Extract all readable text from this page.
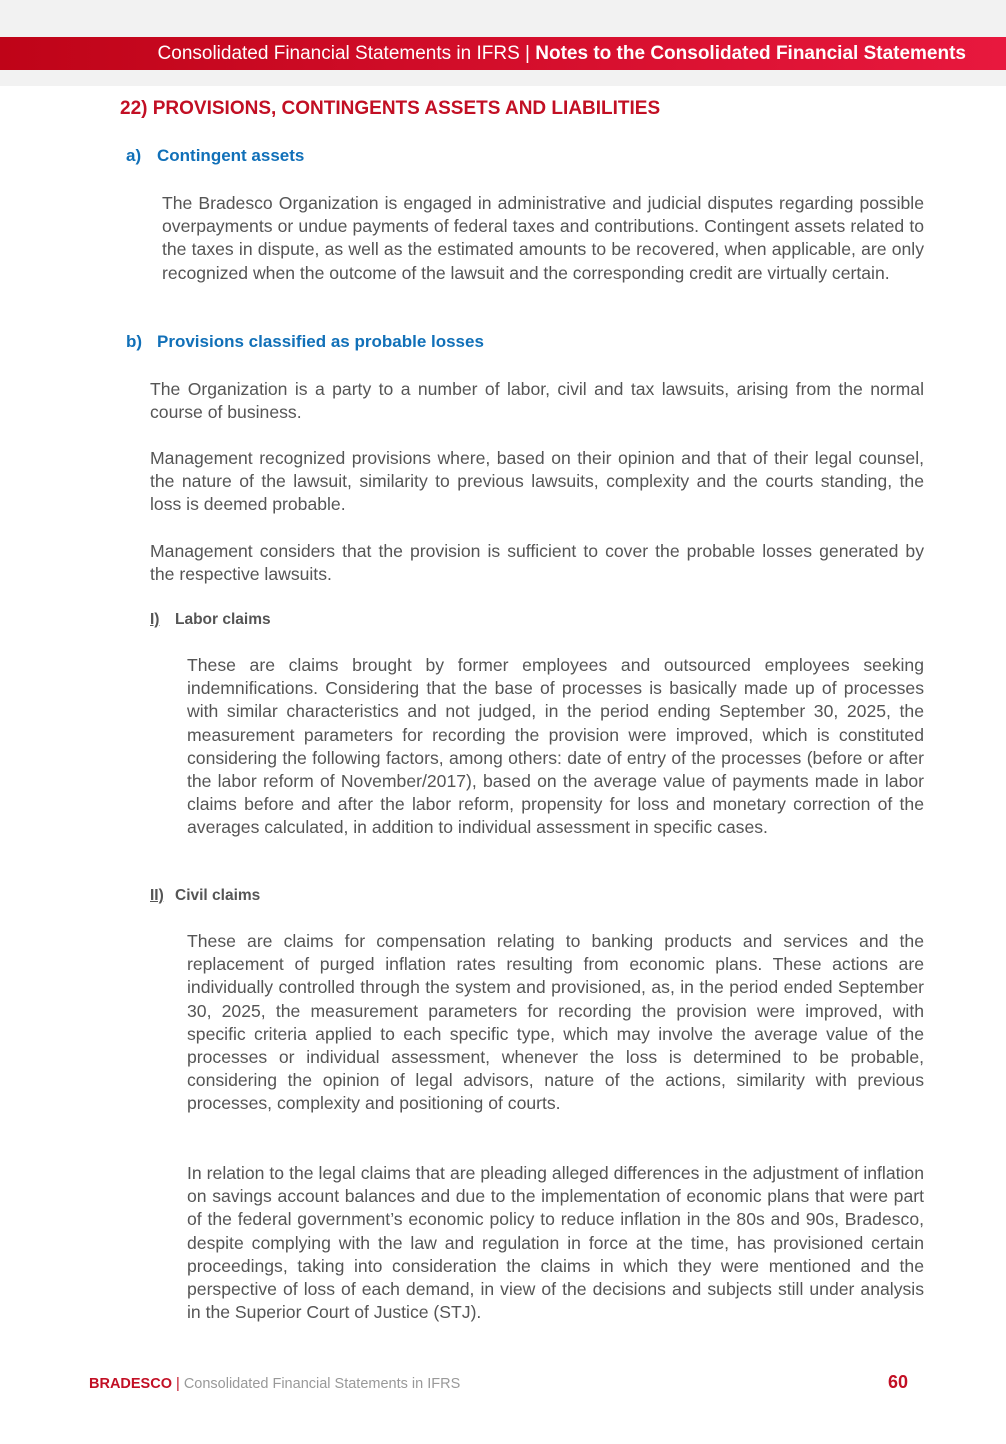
Consolidated Financial Statements in IFRS | Notes to the Consolidated Financial Statements
22) PROVISIONS, CONTINGENTS ASSETS AND LIABILITIES
a) Contingent assets
The Bradesco Organization is engaged in administrative and judicial disputes regarding possible overpayments or undue payments of federal taxes and contributions. Contingent assets related to the taxes in dispute, as well as the estimated amounts to be recovered, when applicable, are only recognized when the outcome of the lawsuit and the corresponding credit are virtually certain.
b) Provisions classified as probable losses
The Organization is a party to a number of labor, civil and tax lawsuits, arising from the normal course of business.
Management recognized provisions where, based on their opinion and that of their legal counsel, the nature of the lawsuit, similarity to previous lawsuits, complexity and the courts standing, the loss is deemed probable.
Management considers that the provision is sufficient to cover the probable losses generated by the respective lawsuits.
I) Labor claims
These are claims brought by former employees and outsourced employees seeking indemnifications. Considering that the base of processes is basically made up of processes with similar characteristics and not judged, in the period ending September 30, 2025, the measurement parameters for recording the provision were improved, which is constituted considering the following factors, among others: date of entry of the processes (before or after the labor reform of November/2017), based on the average value of payments made in labor claims before and after the labor reform, propensity for loss and monetary correction of the averages calculated, in addition to individual assessment in specific cases.
II) Civil claims
These are claims for compensation relating to banking products and services and the replacement of purged inflation rates resulting from economic plans. These actions are individually controlled through the system and provisioned, as, in the period ended September 30, 2025, the measurement parameters for recording the provision were improved, with specific criteria applied to each specific type, which may involve the average value of the processes or individual assessment, whenever the loss is determined to be probable, considering the opinion of legal advisors, nature of the actions, similarity with previous processes, complexity and positioning of courts.
In relation to the legal claims that are pleading alleged differences in the adjustment of inflation on savings account balances and due to the implementation of economic plans that were part of the federal government’s economic policy to reduce inflation in the 80s and 90s, Bradesco, despite complying with the law and regulation in force at the time, has provisioned certain proceedings, taking into consideration the claims in which they were mentioned and the perspective of loss of each demand, in view of the decisions and subjects still under analysis in the Superior Court of Justice (STJ).
BRADESCO | Consolidated Financial Statements in IFRS	60
